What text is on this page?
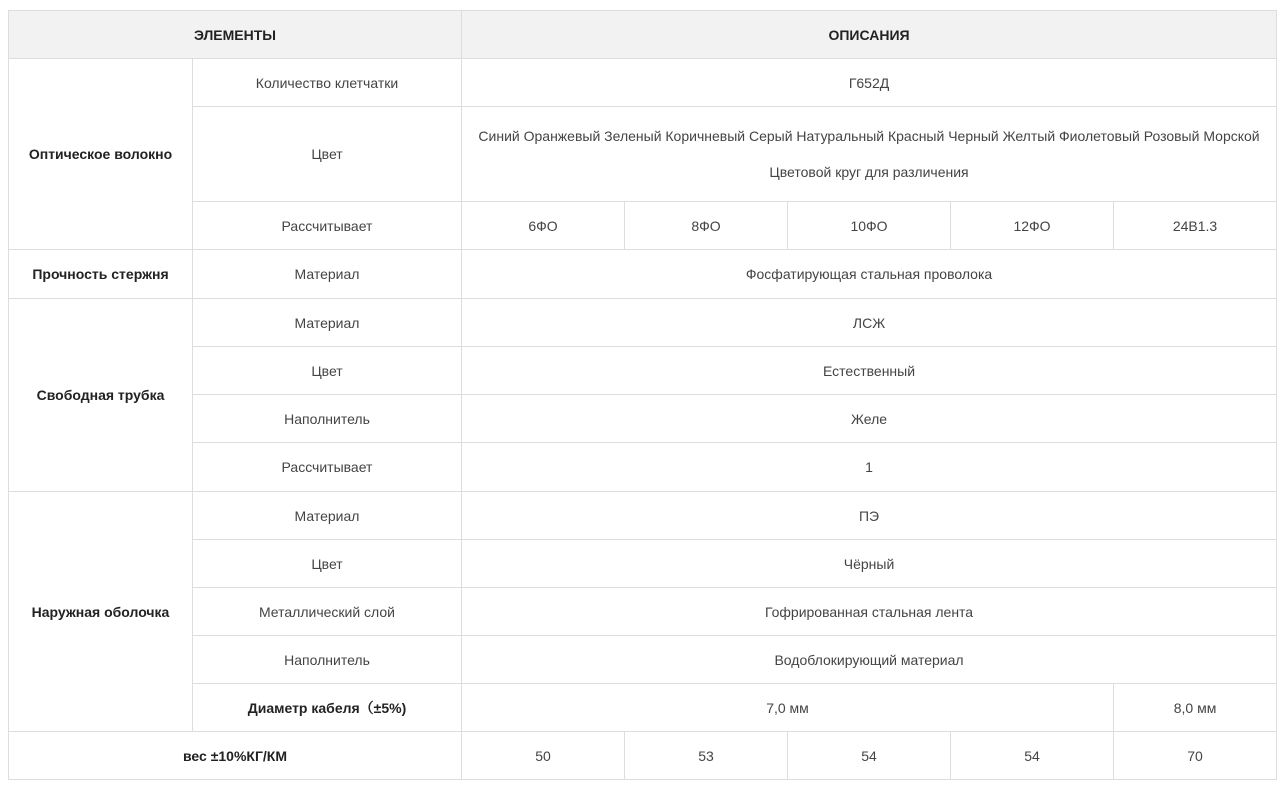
ЭЛЕМЕНТЫ		ОПИСАНИЯ				
Оптическое волокно	Количество клетчатки	Г652Д				
	Цвет	Синий Оранжевый Зеленый Коричневый Серый Натуральный Красный Черный Желтый Фиолетовый Розовый Морской
Цветовой круг для различения				

	Рассчитывает	6ФО	8ФО	10ФО	12ФО	24В1.3
Прочность стержня	Материал	Фосфатирующая стальная проволока				
Свободная трубка	Материал	ЛСЖ				
	Цвет	Естественный				
	Наполнитель	Желе				
	Рассчитывает	1				
Наружная оболочка	Материал	ПЭ				
	Цвет	Чёрный				
	Металлический слой	Гофрированная стальная лента				
	Наполнитель	Водоблокирующий материал				
	Диаметр кабеля（±5%)	7,0 мм				8,0 мм
вес ±10%КГ/КМ		50	53	54	54	70
